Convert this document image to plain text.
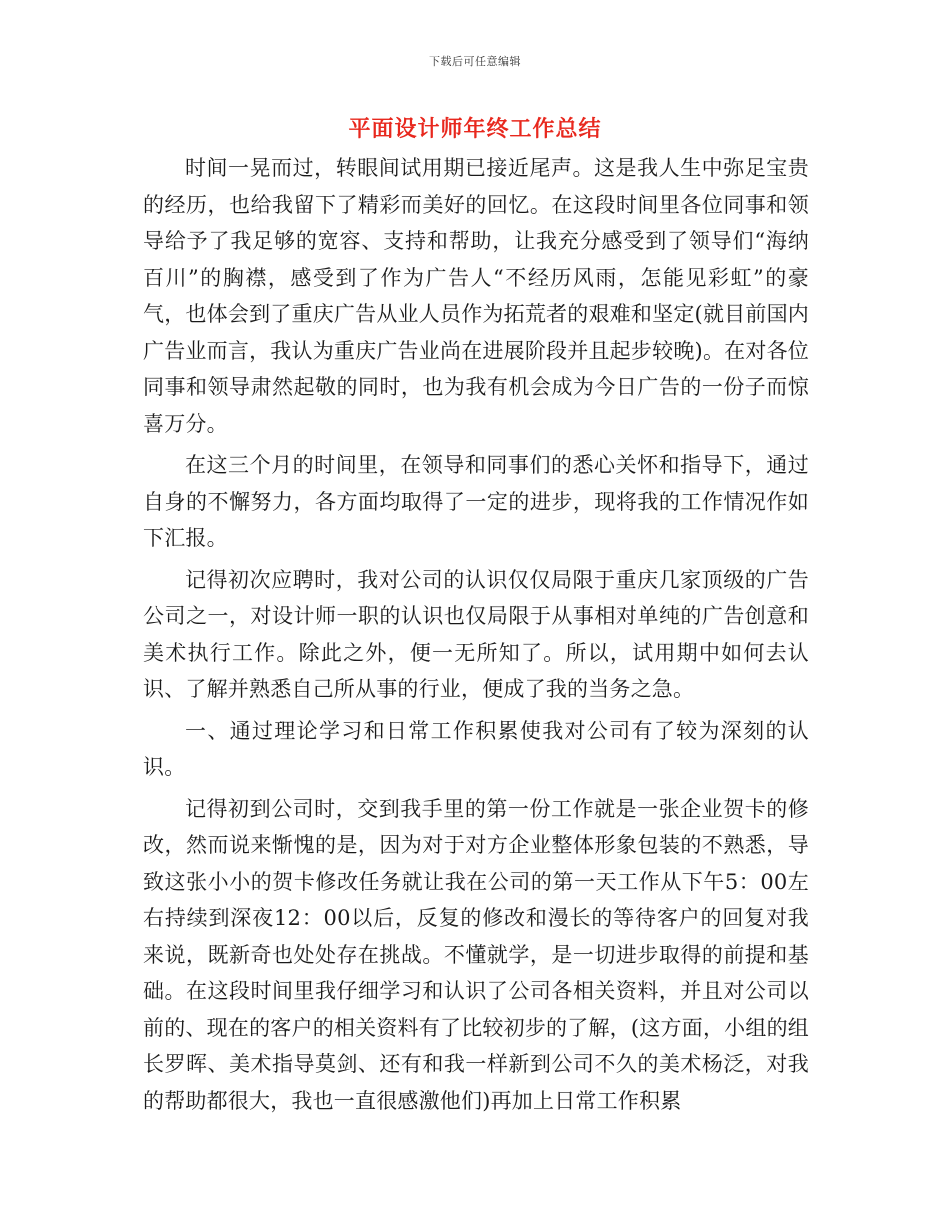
下载后可任意编辑
平面设计师年终工作总结

时间一晃而过，转眼间试用期已接近尾声。这是我人生中弥足宝贵的经历，也给我留下了精彩而美好的回忆。在这段时间里各位同事和领导给予了我足够的宽容、支持和帮助，让我充分感受到了领导们“海纳百川”的胸襟，感受到了作为广告人“不经历风雨，怎能见彩虹”的豪气，也体会到了重庆广告从业人员作为拓荒者的艰难和坚定(就目前国内广告业而言，我认为重庆广告业尚在进展阶段并且起步较晚)。在对各位同事和领导肃然起敬的同时，也为我有机会成为今日广告的一份子而惊喜万分。

在这三个月的时间里，在领导和同事们的悉心关怀和指导下，通过自身的不懈努力，各方面均取得了一定的进步，现将我的工作情况作如下汇报。

记得初次应聘时，我对公司的认识仅仅局限于重庆几家顶级的广告公司之一，对设计师一职的认识也仅局限于从事相对单纯的广告创意和美术执行工作。除此之外，便一无所知了。所以，试用期中如何去认识、了解并熟悉自己所从事的行业，便成了我的当务之急。

一、通过理论学习和日常工作积累使我对公司有了较为深刻的认识。

记得初到公司时，交到我手里的第一份工作就是一张企业贺卡的修改，然而说来惭愧的是，因为对于对方企业整体形象包装的不熟悉，导致这张小小的贺卡修改任务就让我在公司的第一天工作从下午5：00左右持续到深夜12：00以后，反复的修改和漫长的等待客户的回复对我来说，既新奇也处处存在挑战。不懂就学，是一切进步取得的前提和基础。在这段时间里我仔细学习和认识了公司各相关资料，并且对公司以前的、现在的客户的相关资料有了比较初步的了解，(这方面，小组的组长罗晖、美术指导莫剑、还有和我一样新到公司不久的美术杨泛，对我的帮助都很大，我也一直很感激他们)再加上日常工作积累
